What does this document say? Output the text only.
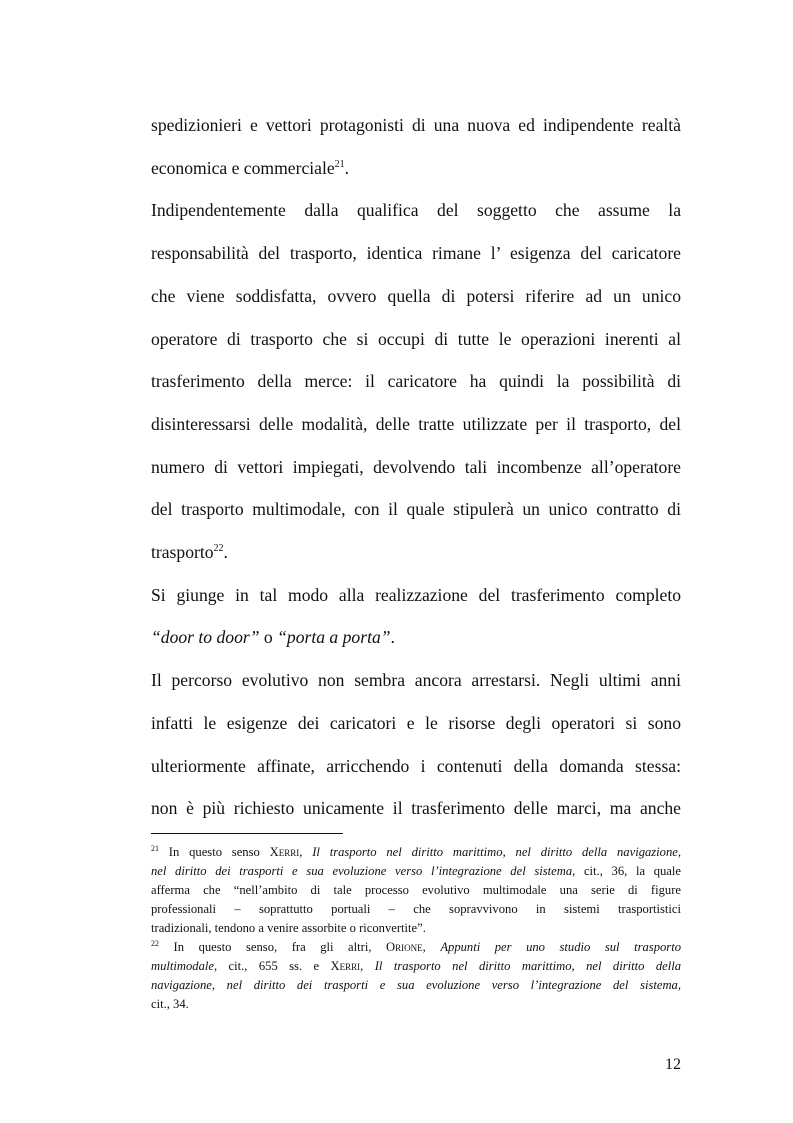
spedizionieri e vettori protagonisti di una nuova ed indipendente realtà

economica e commerciale$^{21}$.

Indipendentemente dalla qualifica del soggetto che assume la

responsabilità del trasporto, identica rimane l’ esigenza del caricatore

che viene soddisfatta, ovvero quella di potersi riferire ad un unico

operatore di trasporto che si occupi di tutte le operazioni inerenti al

trasferimento della merce: il caricatore ha quindi la possibilità di

disinteressarsi delle modalità, delle tratte utilizzate per il trasporto, del

numero di vettori impiegati, devolvendo tali incombenze all’operatore

del trasporto multimodale, con il quale stipulerà un unico contratto di

trasporto$^{22}$.

Si giunge in tal modo alla realizzazione del trasferimento completo

“door to door” o “porta a porta”.

Il percorso evolutivo non sembra ancora arrestarsi. Negli ultimi anni

infatti le esigenze dei caricatori e le risorse degli operatori si sono

ulteriormente affinate, arricchendo i contenuti della domanda stessa:

non è più richiesto unicamente il trasferimento delle marci, ma anche

$^{21}$ In questo senso Xerri, Il trasporto nel diritto marittimo, nel diritto della navigazione,

nel diritto dei trasporti e sua evoluzione verso l’integrazione del sistema, cit., 36, la quale

afferma che “nell’ambito di tale processo evolutivo multimodale una serie di figure

professionali – soprattutto portuali – che sopravvivono in sistemi trasportistici

tradizionali, tendono a venire assorbite o riconvertite”.

$^{22}$ In questo senso, fra gli altri, Orione, Appunti per uno studio sul trasporto

multimodale, cit., 655 ss. e Xerri, Il trasporto nel diritto marittimo, nel diritto della

navigazione, nel diritto dei trasporti e sua evoluzione verso l’integrazione del sistema,

cit., 34.

12
